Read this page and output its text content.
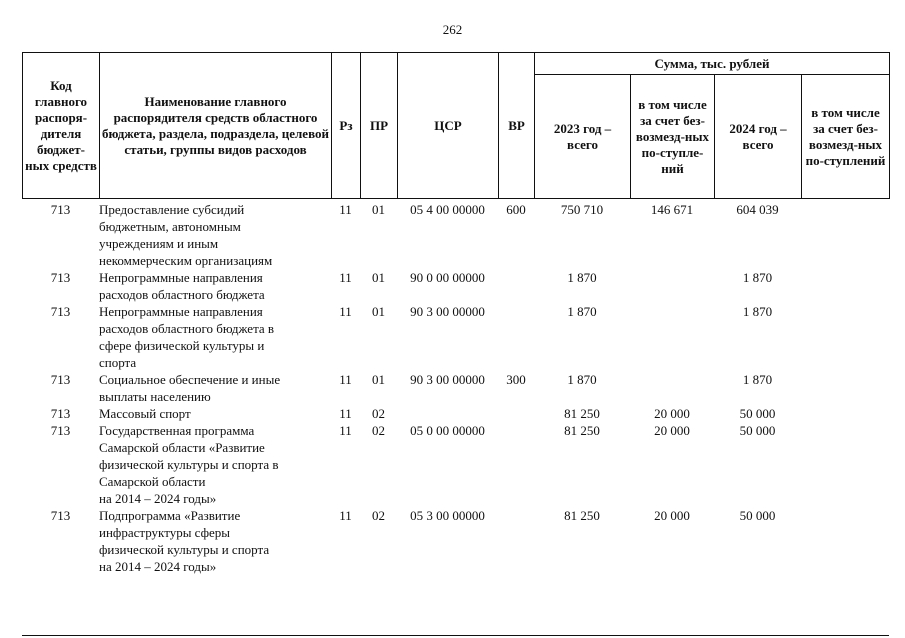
262
Код главного распоря-дителя бюджет-ных средств	Наименование главного распорядителя средств областного бюджета, раздела, подраздела, целевой статьи, группы видов расходов	Рз	ПР	ЦСР	ВР	Сумма, тыс. рублей			
						2023 год – всего	в том числе за счет без-возмезд-ных по-ступле-ний	2024 год – всего	в том числе за счет без-возмезд-ных по-ступлений
713	Предоставление субсидий
бюджетным, автономным
учреждениям и иным
некоммерческим организациям	11	01	05 4 00 00000	600	750 710	146 671	604 039	
713	Непрограммные направления
расходов областного бюджета	11	01	90 0 00 00000		1 870		1 870	
713	Непрограммные направления
расходов областного бюджета в
сфере физической культуры и
спорта	11	01	90 3 00 00000		1 870		1 870	
713	Социальное обеспечение и иные
выплаты населению	11	01	90 3 00 00000	300	1 870		1 870	
713	Массовый спорт	11	02			81 250	20 000	50 000	
713	Государственная программа
Самарской области «Развитие
физической культуры и спорта в
Самарской области
на 2014 – 2024 годы»	11	02	05 0 00 00000		81 250	20 000	50 000	
713	Подпрограмма «Развитие
инфраструктуры сферы
физической культуры и спорта
на 2014 – 2024 годы»	11	02	05 3 00 00000		81 250	20 000	50 000	
